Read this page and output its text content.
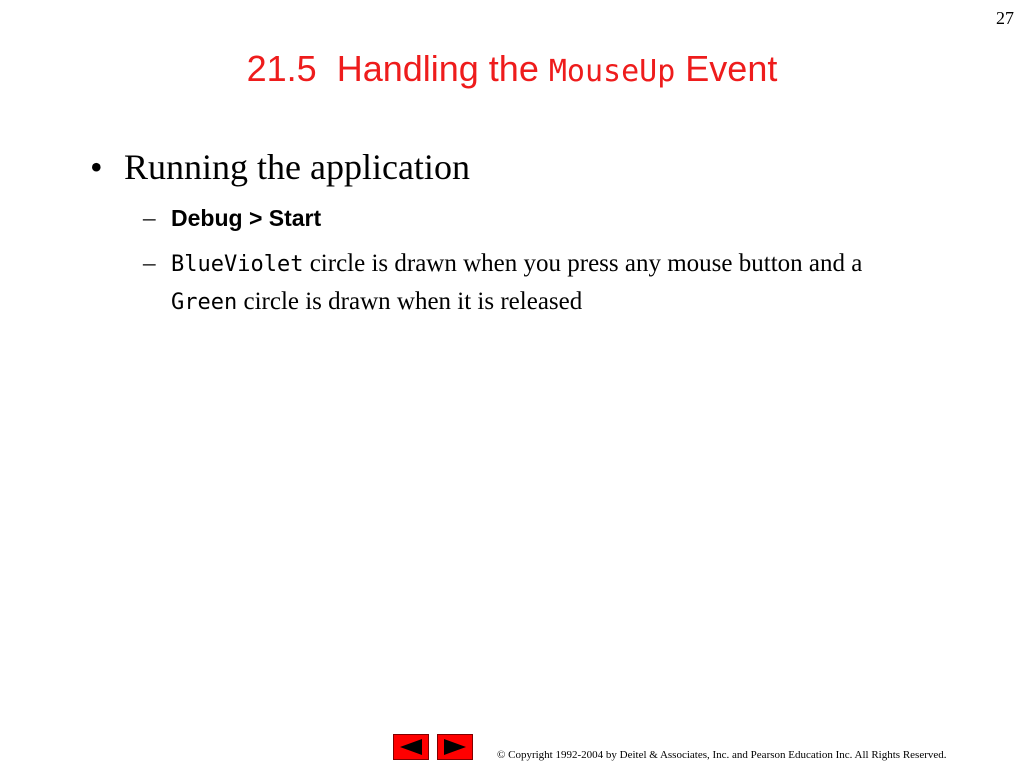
27
21.5 Handling the MouseUp Event
• Running the application
– Debug > Start
– BlueViolet circle is drawn when you press any mouse button and a Green circle is drawn when it is released
© Copyright 1992-2004 by Deitel & Associates, Inc. and Pearson Education Inc. All Rights Reserved.
